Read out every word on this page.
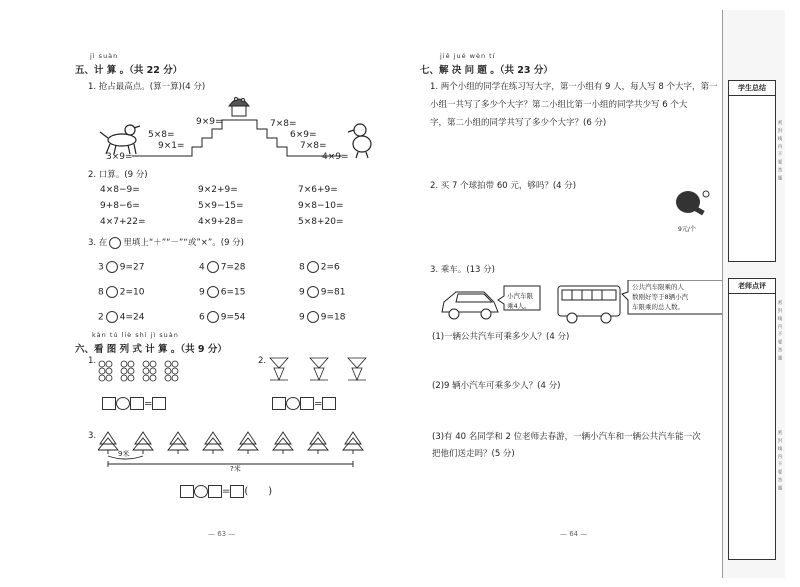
jì suàn
五、计 算 。（共 22 分）
1. 抢占最高点。(算一算)(4 分)
3×9=
5×8=
9×1=
9×9=	7×8=
6×9=
7×8=
4×9=
2. 口算。(9 分)
4×8−9=	9×2+9=	7×6+9=
9+8−6=	5×9−15=	9×8−10=
4×7+22=	4×9+28=	5×8+20=
3. 在 里填上“＋”“－”“或”×”。(9 分)
3 9=27	4 7=28	8 2=6
8 2=10	9 6=15	9 9=81
2 4=24	6 9=54	9 9=18
kàn tú liè shì jì suàn
六、看 图 列 式 计 算 。（共 9 分）
1.
=
2.
=
3.
9米
?米
= (　　)
— 63 —
jiě jué wèn tí
七、解 决 问 题 。（共 23 分）
1. 两个小组的同学在练习写大字，第一小组有 9 人，每人写 8 个大字，第一
小组一共写了多少个大字？第二小组比第一小组的同学共少写 6 个大
字，第二小组的同学共写了多少个大字？(6 分)
2. 买 7 个球拍带 60 元，够吗？(4 分)
9元/个
3. 乘车。(13 分)
小汽车限
乘4人。
公共汽车限乘的人
数刚好等于8辆小汽
车限乘的总人数。
(1)一辆公共汽车可乘多少人？(4 分)
(2)9 辆小汽车可乘多少人？(4 分)
(3)有 40 名同学和 2 位老师去春游，一辆小汽车和一辆公共汽车能一次
把他们送走吗？(5 分)
— 64 —
学生总结
老师点评
密 封 线 内 不 要 答 题
密 封 线 内 不 要 答 题
密 封 线 内 不 要 答 题
